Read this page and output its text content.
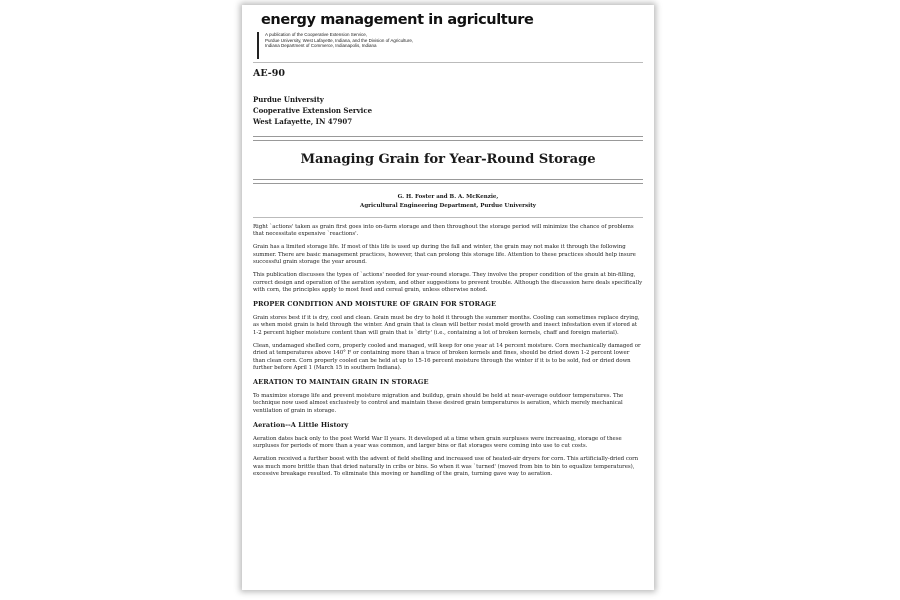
energy management in agriculture
A publication of the Cooperative Extension Service,
Purdue University, West Lafayette, Indiana, and the Division of Agriculture,
Indiana Department of Commerce, Indianapolis, Indiana
AE-90
Purdue University
Cooperative Extension Service
West Lafayette, IN 47907
Managing Grain for Year-Round Storage
G. H. Foster and B. A. McKenzie,
Agricultural Engineering Department, Purdue University

Right `actions' taken as grain first goes into on-farm storage and then throughout the storage period will minimize the chance of problems that necessitate expensive `reactions'.

Grain has a limited storage life. If most of this life is used up during the fall and winter, the grain may not make it through the following summer. There are basic management practices, however, that can prolong this storage life. Attention to these practices should help insure successful grain storage the year around.

This publication discusses the types of `actions' needed for year-round storage. They involve the proper condition of the grain at bin-filling, correct design and operation of the aeration system, and other suggestions to prevent trouble. Although the discussion here deals specifically with corn, the principles apply to most feed and cereal grain, unless otherwise noted.

PROPER CONDITION AND MOISTURE OF GRAIN FOR STORAGE

Grain stores best if it is dry, cool and clean. Grain must be dry to hold it through the summer months. Cooling can sometimes replace drying, as when moist grain is held through the winter. And grain that is clean will better resist mold growth and insect infestation even if stored at 1-2 percent higher moisture content than will grain that is `dirty' (i.e., containing a lot of broken kernels, chaff and foreign material).

Clean, undamaged shelled corn, properly cooled and managed, will keep for one year at 14 percent moisture. Corn mechanically damaged or dried at temperatures above 140° F or containing more than a trace of broken kernels and fines, should be dried down 1-2 percent lower than clean corn. Corn properly cooled can be held at up to 15-16 percent moisture through the winter if it is to be sold, fed or dried down further before April 1 (March 15 in southern Indiana).

AERATION TO MAINTAIN GRAIN IN STORAGE

To maximize storage life and prevent moisture migration and buildup, grain should be held at near-average outdoor temperatures. The technique now used almost exclusively to control and maintain these desired grain temperatures is aeration, which merely mechanical ventilation of grain in storage.

Aeration--A Little History

Aeration dates back only to the post World War II years. It developed at a time when grain surpluses were increasing, storage of these surpluses for periods of more than a year was common, and larger bins or flat storages were coming into use to cut costs.

Aeration received a further boost with the advent of field shelling and increased use of heated-air dryers for corn. This artificially-dried corn was much more brittle than that dried naturally in cribs or bins. So when it was `turned' (moved from bin to bin to equalize temperatures), excessive breakage resulted. To eliminate this moving or handling of the grain, turning gave way to aeration.
